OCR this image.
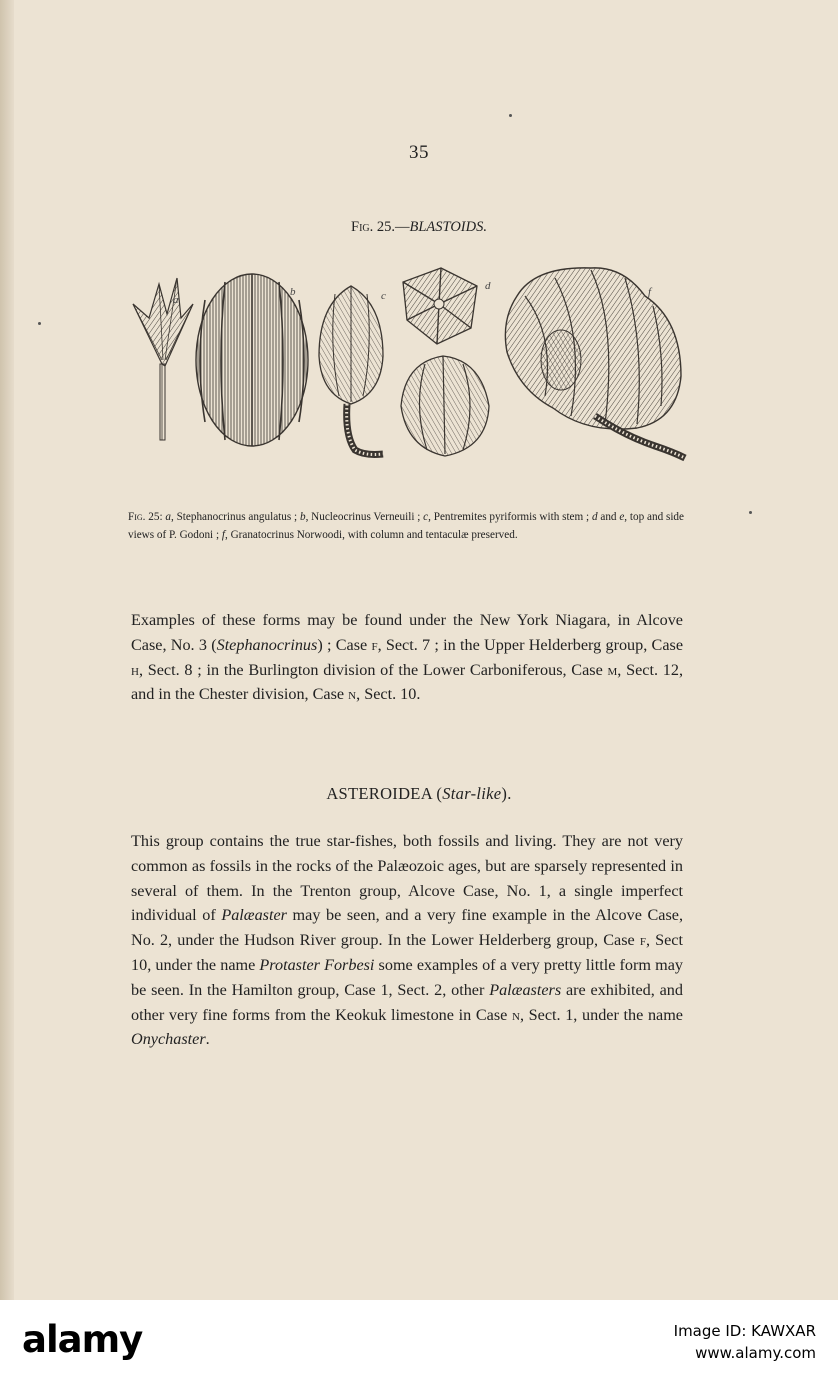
35
Fig. 25.—BLASTOIDS.
a
b	c
d	f
Fig. 25: a, Stephanocrinus angulatus ; b, Nucleocrinus Verneuili ; c, Pentremites pyriformis with stem ; d and e, top and side views of P. Godoni ; f, Granatocrinus Norwoodi, with column and tentaculæ preserved.
Examples of these forms may be found under the New York Niagara, in Alcove Case, No. 3 (Stephanocrinus) ; Case f, Sect. 7 ; in the Upper Helderberg group, Case h, Sect. 8 ; in the Burlington division of the Lower Carboniferous, Case m, Sect. 12, and in the Chester division, Case n, Sect. 10.
ASTEROIDEA (Star-like).
This group contains the true star-fishes, both fossils and living. They are not very common as fossils in the rocks of the Palæozoic ages, but are sparsely represented in several of them. In the Trenton group, Alcove Case, No. 1, a single imperfect individual of Palæaster may be seen, and a very fine example in the Alcove Case, No. 2, under the Hudson River group. In the Lower Helderberg group, Case f, Sect 10, under the name Protaster Forbesi some examples of a very pretty little form may be seen. In the Hamilton group, Case 1, Sect. 2, other Palæasters are exhibited, and other very fine forms from the Keokuk limestone in Case n, Sect. 1, under the name Onychaster.
alamy	Image ID: KAWXAR
www.alamy.com
